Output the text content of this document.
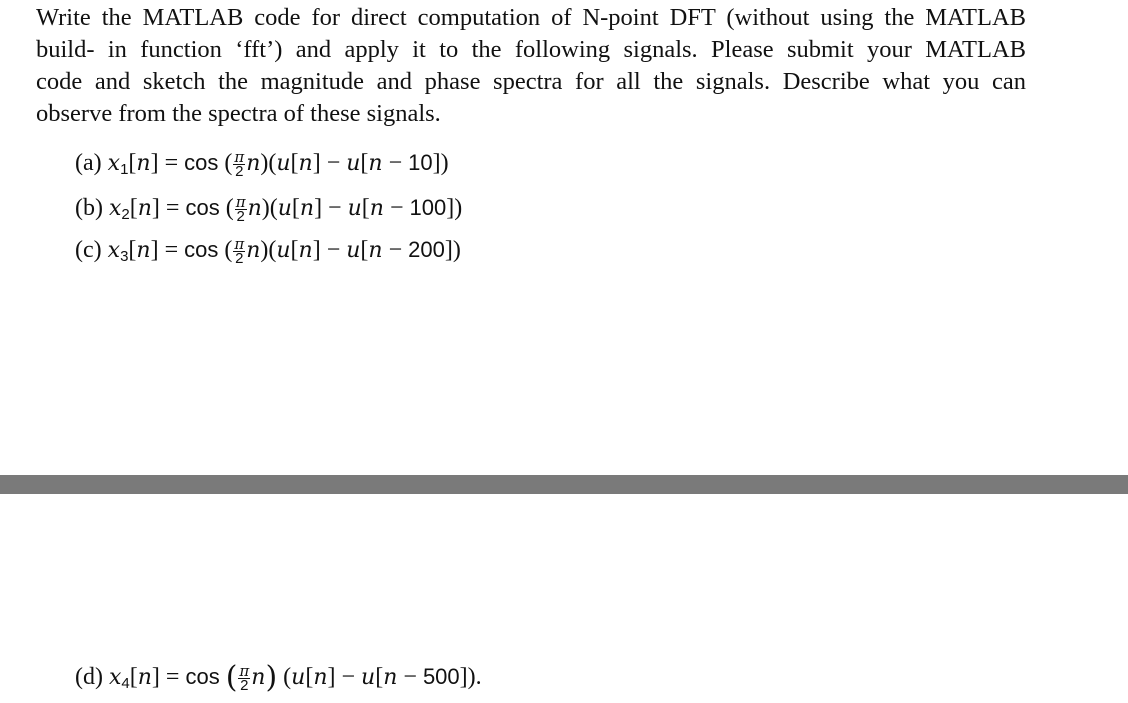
Write the MATLAB code for direct computation of N-point DFT (without using the MATLAB
build- in function ‘fft’) and apply it to the following signals. Please submit your MATLAB
code and sketch the magnitude and phase spectra for all the signals. Describe what you can
observe from the spectra of these signals.
(a) $x_1[n] = \cos$ ( $\frac{\pi}{2} n)(u[n] - u[n - 10])$
(b) $x_2[n] = \cos$ ( $\frac{\pi}{2} n)(u[n] - u[n - 100])$
(c) $x_3[n] = \cos$ ( $\frac{\pi}{2} n)(u[n] - u[n - 200])$
(d) $x_4[n] = \cos$ ( $\frac{\pi}{2} n$) (u[n] − u[n − 500]).
